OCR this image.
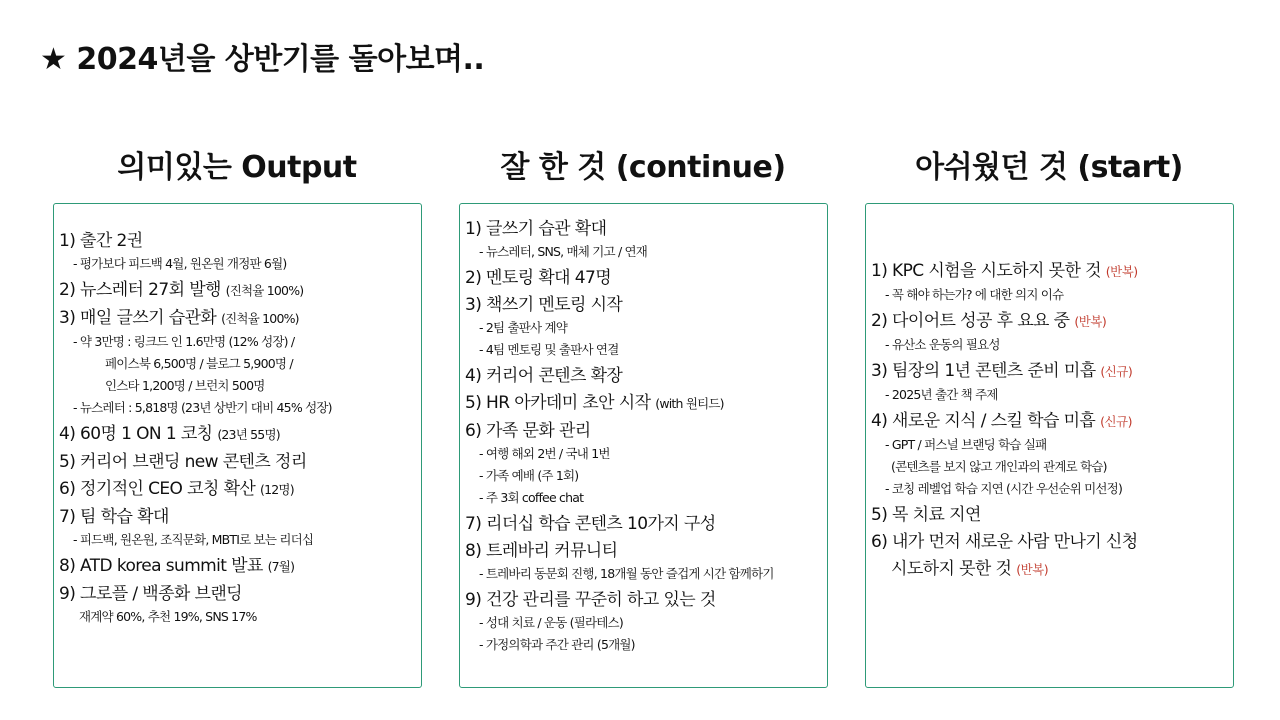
★ 2024년을 상반기를 돌아보며..
의미있는 Output
1) 출간 2권
- 평가보다 피드백 4월, 원온원 개정판 6월)
2) 뉴스레터 27회 발행 (진척율 100%)
3) 매일 글쓰기 습관화 (진척율 100%)
- 약 3만명 : 링크드 인 1.6만명 (12% 성장) /
페이스북 6,500명 / 블로그 5,900명 /
인스타 1,200명 / 브런치 500명
- 뉴스레터 : 5,818명 (23년 상반기 대비 45% 성장)
4) 60명 1 ON 1 코칭 (23년 55명)
5) 커리어 브랜딩 new 콘텐츠 정리
6) 정기적인 CEO 코칭 확산 (12명)
7) 팀 학습 확대
- 피드백, 원온원, 조직문화, MBTI로 보는 리더십
8) ATD korea summit 발표 (7월)
9) 그로플 / 백종화 브랜딩
재계약 60%, 추천 19%, SNS 17%
잘 한 것 (continue)
1) 글쓰기 습관 확대
- 뉴스레터, SNS, 매체 기고 / 연재
2) 멘토링 확대 47명
3) 책쓰기 멘토링 시작
- 2팀 출판사 계약
- 4팀 멘토링 및 출판사 연결
4) 커리어 콘텐츠 확장
5) HR 아카데미 초안 시작 (with 원티드)
6) 가족 문화 관리
- 여행 해외 2번 / 국내 1번
- 가족 예배 (주 1회)
- 주 3회 coffee chat
7) 리더십 학습 콘텐츠 10가지 구성
8) 트레바리 커뮤니티
- 트레바리 동문회 진행, 18개월 동안 즐겁게 시간 함께하기
9) 건강 관리를 꾸준히 하고 있는 것
- 성대 치료 / 운동 (필라테스)
- 가정의학과 주간 관리 (5개월)
아쉬웠던 것 (start)
1) KPC 시험을 시도하지 못한 것 (반복)
- 꼭 해야 하는가? 에 대한 의지 이슈
2) 다이어트 성공 후 요요 중 (반복)
- 유산소 운동의 필요성
3) 팀장의 1년 콘텐츠 준비 미흡 (신규)
- 2025년 출간 책 주제
4) 새로운 지식 / 스킬 학습 미흡 (신규)
- GPT / 퍼스널 브랜딩 학습 실패
(콘텐츠를 보지 않고 개인과의 관계로 학습)
- 코칭 레벨업 학습 지연 (시간 우선순위 미선정)
5) 목 치료 지연
6) 내가 먼저 새로운 사람 만나기 신청
시도하지 못한 것 (반복)
